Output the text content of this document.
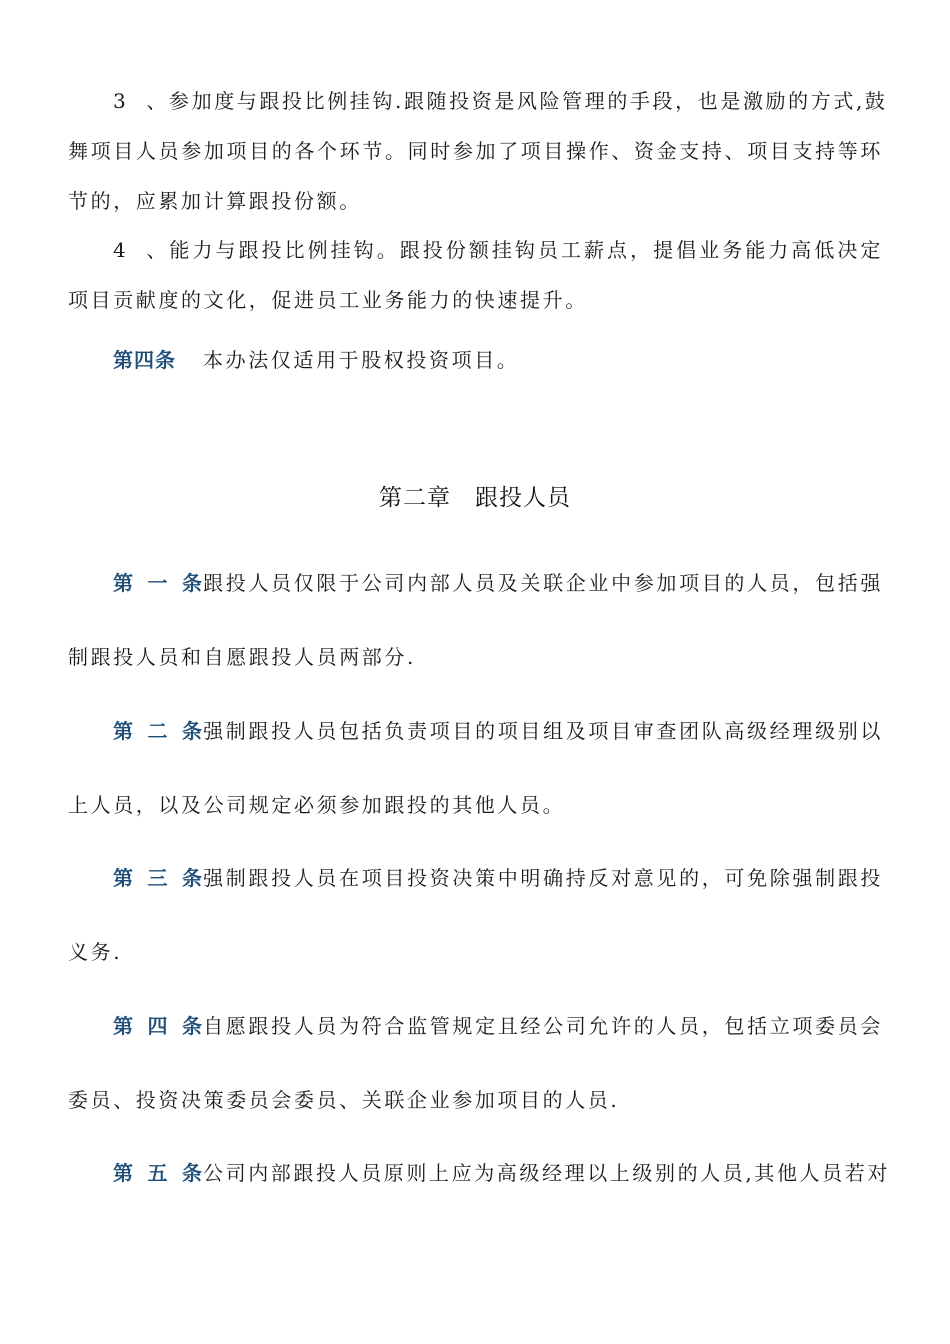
3、参加度与跟投比例挂钩.跟随投资是风险管理的手段，也是激励的方式,鼓
舞项目人员参加项目的各个环节。同时参加了项目操作、资金支持、项目支持等环
节的，应累加计算跟投份额。
4、能力与跟投比例挂钩。跟投份额挂钩员工薪点，提倡业务能力高低决定
项目贡献度的文化，促进员工业务能力的快速提升。
第四条 本办法仅适用于股权投资项目。
第二章 跟投人员
第一条跟投人员仅限于公司内部人员及关联企业中参加项目的人员，包括强
制跟投人员和自愿跟投人员两部分.
第二条强制跟投人员包括负责项目的项目组及项目审查团队高级经理级别以
上人员，以及公司规定必须参加跟投的其他人员。
第三条强制跟投人员在项目投资决策中明确持反对意见的，可免除强制跟投
义务.
第四条自愿跟投人员为符合监管规定且经公司允许的人员，包括立项委员会
委员、投资决策委员会委员、关联企业参加项目的人员.
第五条公司内部跟投人员原则上应为高级经理以上级别的人员,其他人员若对
